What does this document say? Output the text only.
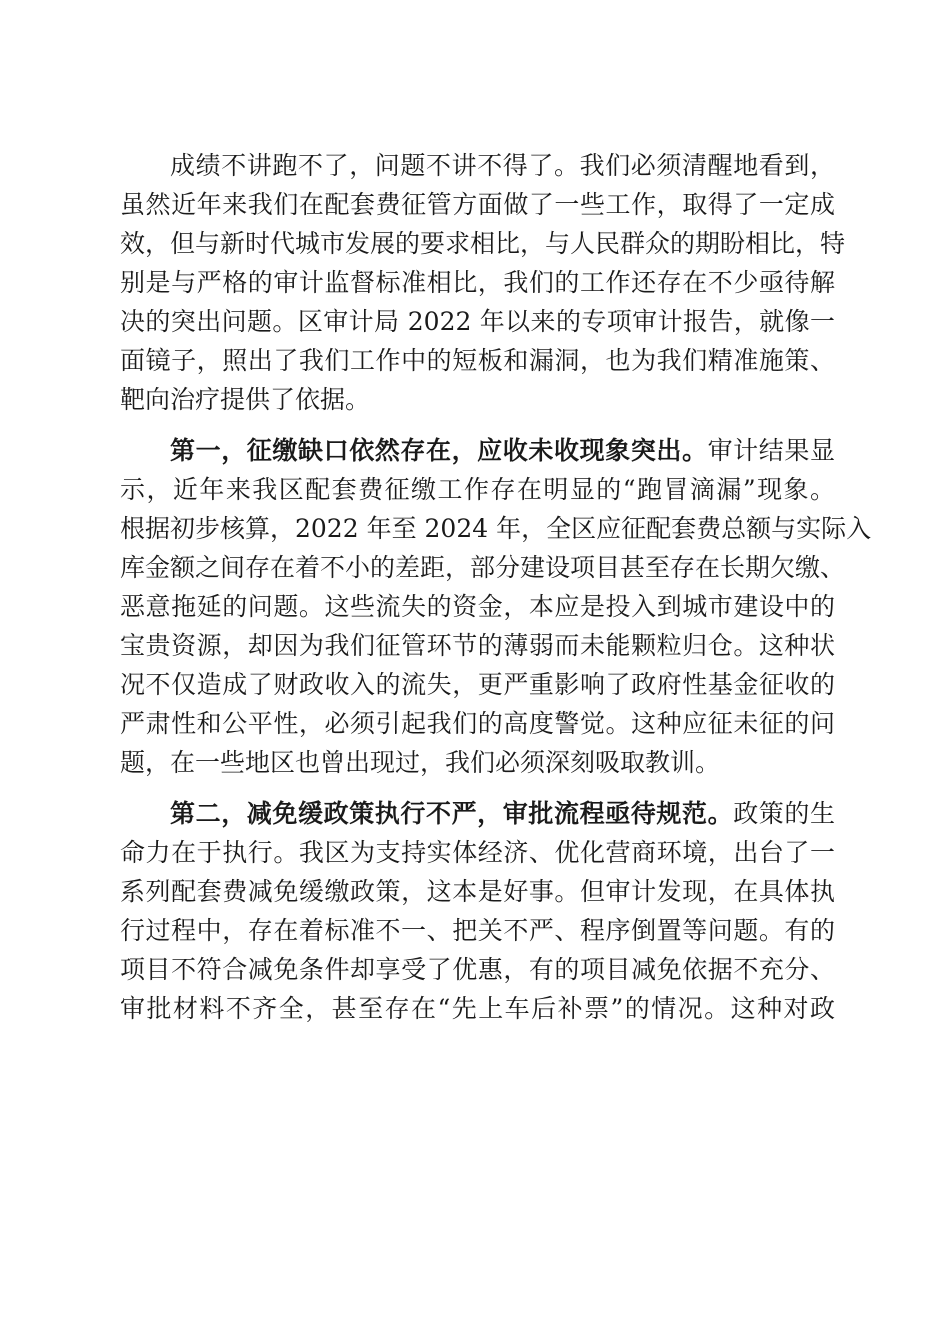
成绩不讲跑不了，问题不讲不得了。我们必须清醒地看到，
虽然近年来我们在配套费征管方面做了一些工作，取得了一定成
效，但与新时代城市发展的要求相比，与人民群众的期盼相比，特
别是与严格的审计监督标准相比，我们的工作还存在不少亟待解
决的突出问题。区审计局 2022 年以来的专项审计报告，就像一
面镜子，照出了我们工作中的短板和漏洞，也为我们精准施策、
靶向治疗提供了依据。
第一，征缴缺口依然存在，应收未收现象突出。审计结果显
示，近年来我区配套费征缴工作存在明显的“跑冒滴漏”现象。
根据初步核算，2022 年至 2024 年，全区应征配套费总额与实际入
库金额之间存在着不小的差距，部分建设项目甚至存在长期欠缴、
恶意拖延的问题。这些流失的资金，本应是投入到城市建设中的
宝贵资源，却因为我们征管环节的薄弱而未能颗粒归仓。这种状
况不仅造成了财政收入的流失，更严重影响了政府性基金征收的
严肃性和公平性，必须引起我们的高度警觉。这种应征未征的问
题，在一些地区也曾出现过，我们必须深刻吸取教训。
第二，减免缓政策执行不严，审批流程亟待规范。政策的生
命力在于执行。我区为支持实体经济、优化营商环境，出台了一
系列配套费减免缓缴政策，这本是好事。但审计发现，在具体执
行过程中，存在着标准不一、把关不严、程序倒置等问题。有的
项目不符合减免条件却享受了优惠，有的项目减免依据不充分、
审批材料不齐全，甚至存在“先上车后补票”的情况。这种对政
